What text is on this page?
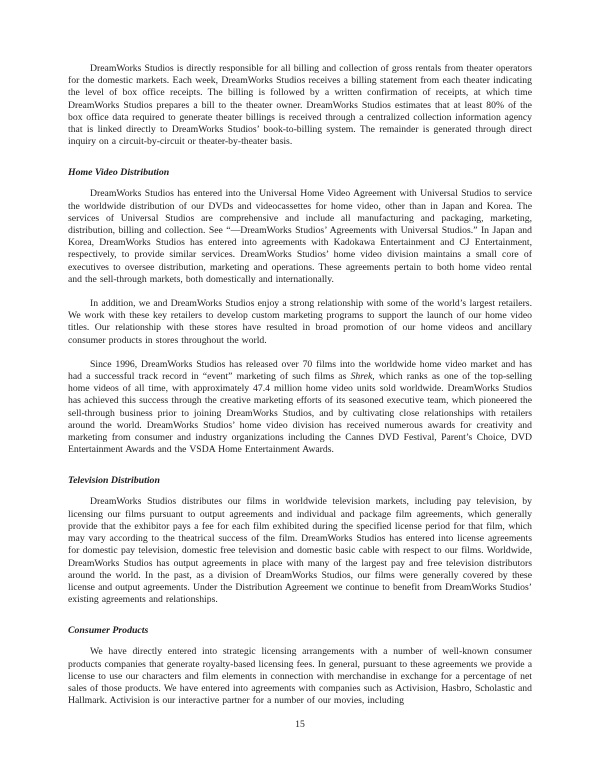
DreamWorks Studios is directly responsible for all billing and collection of gross rentals from theater operators for the domestic markets. Each week, DreamWorks Studios receives a billing statement from each theater indicating the level of box office receipts. The billing is followed by a written confirmation of receipts, at which time DreamWorks Studios prepares a bill to the theater owner. DreamWorks Studios estimates that at least 80% of the box office data required to generate theater billings is received through a centralized collection information agency that is linked directly to DreamWorks Studios’ book-to-billing system. The remainder is generated through direct inquiry on a circuit-by-circuit or theater-by-theater basis.

Home Video Distribution

DreamWorks Studios has entered into the Universal Home Video Agreement with Universal Studios to service the worldwide distribution of our DVDs and videocassettes for home video, other than in Japan and Korea. The services of Universal Studios are comprehensive and include all manufacturing and packaging, marketing, distribution, billing and collection. See “—DreamWorks Studios’ Agreements with Universal Studios.” In Japan and Korea, DreamWorks Studios has entered into agreements with Kadokawa Entertainment and CJ Entertainment, respectively, to provide similar services. DreamWorks Studios’ home video division maintains a small core of executives to oversee distribution, marketing and operations. These agreements pertain to both home video rental and the sell-through markets, both domestically and internationally.

In addition, we and DreamWorks Studios enjoy a strong relationship with some of the world’s largest retailers. We work with these key retailers to develop custom marketing programs to support the launch of our home video titles. Our relationship with these stores have resulted in broad promotion of our home videos and ancillary consumer products in stores throughout the world.

Since 1996, DreamWorks Studios has released over 70 films into the worldwide home video market and has had a successful track record in “event” marketing of such films as Shrek, which ranks as one of the top-selling home videos of all time, with approximately 47.4 million home video units sold worldwide. DreamWorks Studios has achieved this success through the creative marketing efforts of its seasoned executive team, which pioneered the sell-through business prior to joining DreamWorks Studios, and by cultivating close relationships with retailers around the world. DreamWorks Studios’ home video division has received numerous awards for creativity and marketing from consumer and industry organizations including the Cannes DVD Festival, Parent’s Choice, DVD Entertainment Awards and the VSDA Home Entertainment Awards.

Television Distribution

DreamWorks Studios distributes our films in worldwide television markets, including pay television, by licensing our films pursuant to output agreements and individual and package film agreements, which generally provide that the exhibitor pays a fee for each film exhibited during the specified license period for that film, which may vary according to the theatrical success of the film. DreamWorks Studios has entered into license agreements for domestic pay television, domestic free television and domestic basic cable with respect to our films. Worldwide, DreamWorks Studios has output agreements in place with many of the largest pay and free television distributors around the world. In the past, as a division of DreamWorks Studios, our films were generally covered by these license and output agreements. Under the Distribution Agreement we continue to benefit from DreamWorks Studios’ existing agreements and relationships.

Consumer Products

We have directly entered into strategic licensing arrangements with a number of well-known consumer products companies that generate royalty-based licensing fees. In general, pursuant to these agreements we provide a license to use our characters and film elements in connection with merchandise in exchange for a percentage of net sales of those products. We have entered into agreements with companies such as Activision, Hasbro, Scholastic and Hallmark. Activision is our interactive partner for a number of our movies, including

15
